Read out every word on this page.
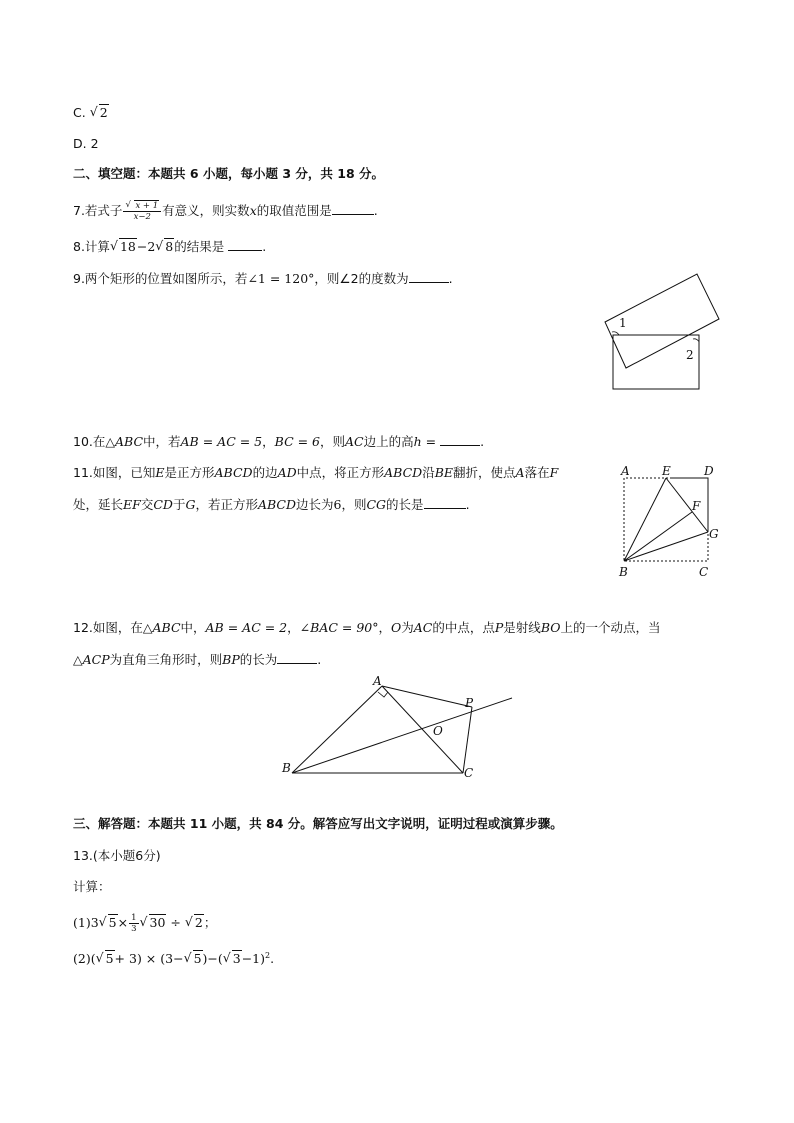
C. √ 2
D. 2
二、填空题：本题共 6 小题，每小题 3 分，共 18 分。
7.若式子 √ $\frac{x + 1}{x-2}$ 有意义，则实数x的取值范围是	.
8.计算 √ 18−2 √ 8的结果是	.
9.两个矩形的位置如图所示，若∠1 = 120°，则∠2的度数为	.
1
2
10.在△ABC中，若AB = AC = 5，BC = 6，则AC边上的高h =	.
11.如图，已知E是正方形ABCD的边AD中点，将正方形ABCD沿BE翻折，使点A落在F
处，延长EF交CD于G，若正方形ABCD边长为6，则CG的长是	.
A	E	D
F
G
B	C
12.如图，在△ABC中，AB = AC = 2，∠BAC = 90°，O为AC的中点，点P是射线BO上的一个动点，当
△ACP为直角三角形时，则BP的长为	.
A
P
O
B	C
三、解答题：本题共 11 小题，共 84 分。解答应写出文字说明，证明过程或演算步骤。
13.(本小题6分)
计算：
(1)3 √ $5\times \frac{1}{3}$ √ 30 ÷ √ 2；
(2)( √ 5+ 3) × (3− √ 5)−( √ 3−1)$^2$.
